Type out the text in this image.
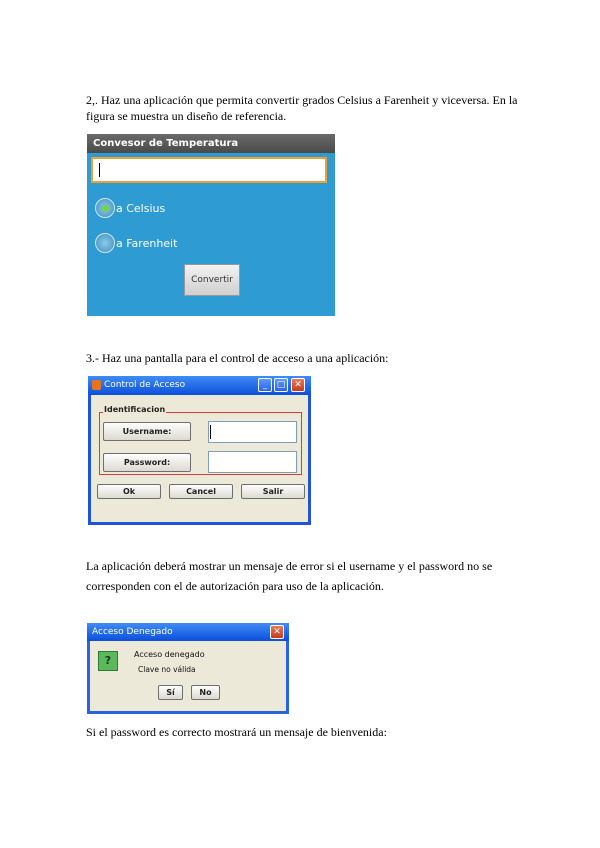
2,. Haz una aplicación que permita convertir grados Celsius a Farenheit y viceversa. En la figura se muestra un diseño de referencia.
Convesor de Temperatura
a Celsius
a Farenheit
Convertir
3.- Haz una pantalla para el control de acceso a una aplicación:
Control de Acceso	_	□ ✕
Identificacion
Username:
Password:
Ok	Cancel	Salir
La aplicación deberá mostrar un mensaje de error si el username y el password no se corresponden con el de autorización para uso de la aplicación.
Acceso Denegado	✕
?	Acceso denegado
Clave no válida
Sí	No
Si el password es correcto mostrará un mensaje de bienvenida:
